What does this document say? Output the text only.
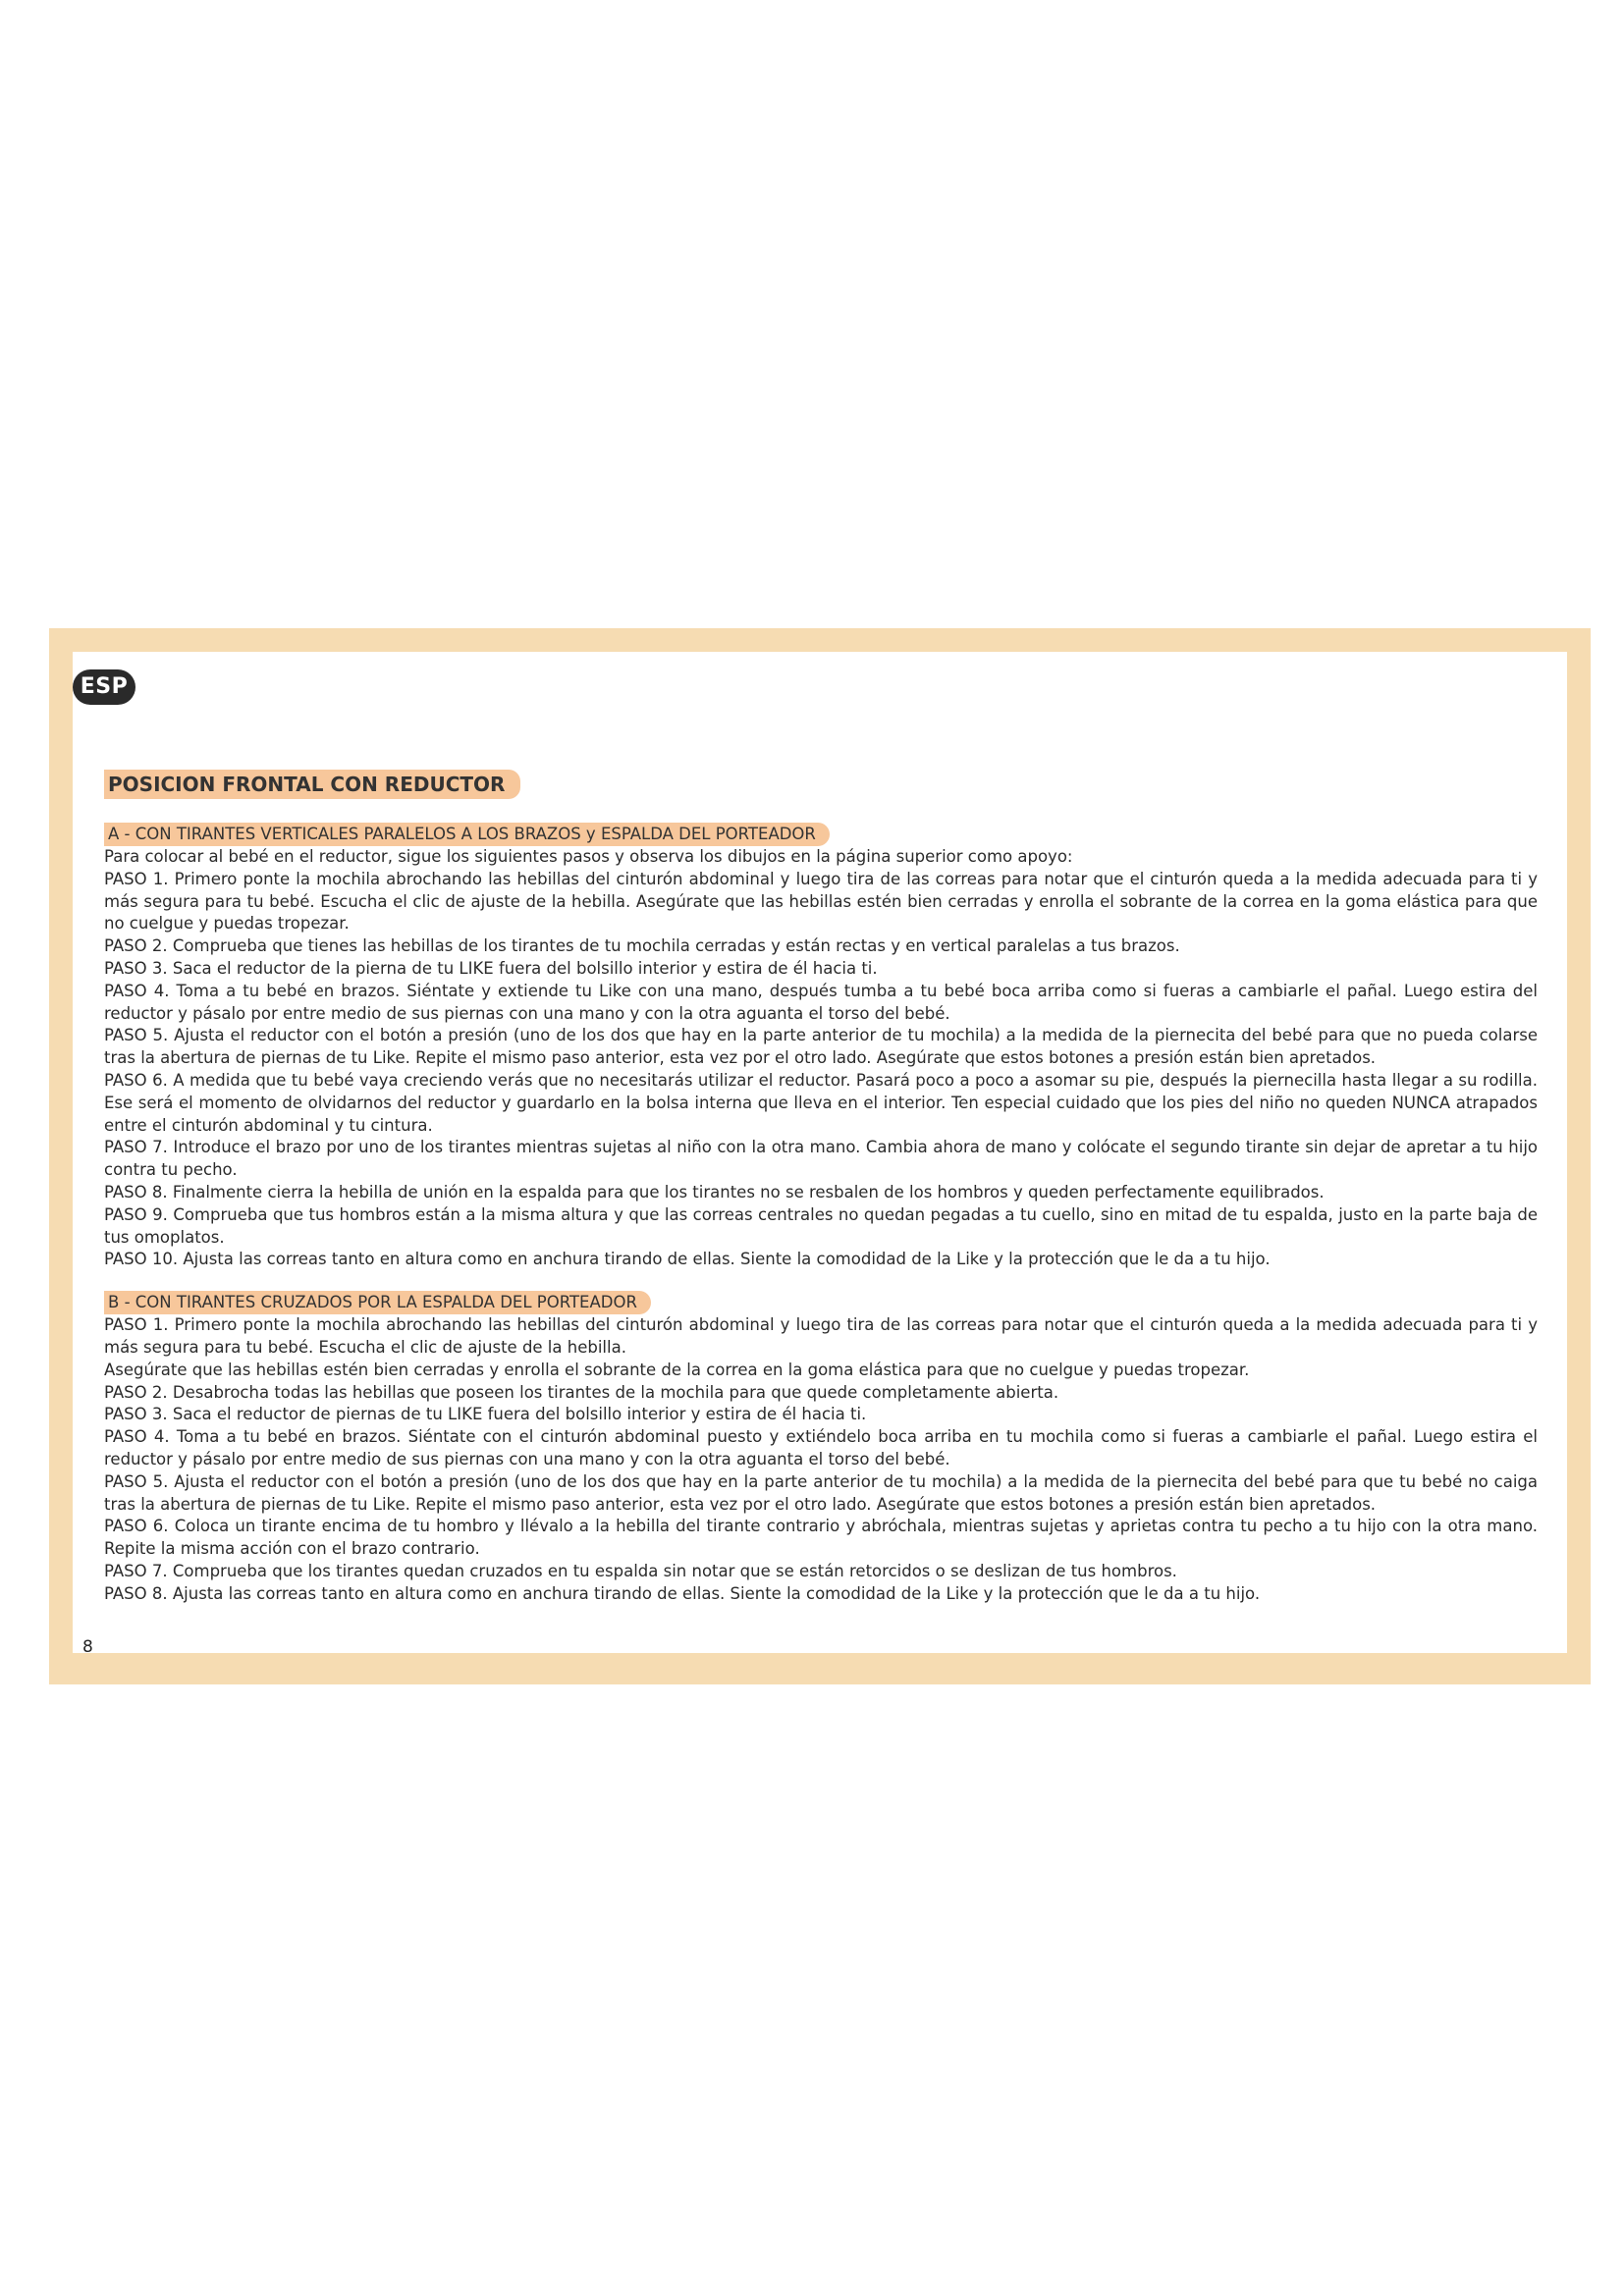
ESP
POSICION FRONTAL CON REDUCTOR
A - CON TIRANTES VERTICALES PARALELOS A LOS BRAZOS y ESPALDA DEL PORTEADOR

Para colocar al bebé en el reductor, sigue los siguientes pasos y observa los dibujos en la página superior como apoyo:

PASO 1. Primero ponte la mochila abrochando las hebillas del cinturón abdominal y luego tira de las correas para notar que el cinturón queda a la medida adecuada para ti y más segura para tu bebé. Escucha el clic de ajuste de la hebilla. Asegúrate que las hebillas estén bien cerradas y enrolla el sobrante de la correa en la goma elástica para que no cuelgue y puedas tropezar.

PASO 2. Comprueba que tienes las hebillas de los tirantes de tu mochila cerradas y están rectas y en vertical paralelas a tus brazos.

PASO 3. Saca el reductor de la pierna de tu LIKE fuera del bolsillo interior y estira de él hacia ti.

PASO 4. Toma a tu bebé en brazos. Siéntate y extiende tu Like con una mano, después tumba a tu bebé boca arriba como si fueras a cambiarle el pañal. Luego estira del reductor y pásalo por entre medio de sus piernas con una mano y con la otra aguanta el torso del bebé.

PASO 5. Ajusta el reductor con el botón a presión (uno de los dos que hay en la parte anterior de tu mochila) a la medida de la piernecita del bebé para que no pueda colarse tras la abertura de piernas de tu Like. Repite el mismo paso anterior, esta vez por el otro lado. Asegúrate que estos botones a presión están bien apretados.

PASO 6. A medida que tu bebé vaya creciendo verás que no necesitarás utilizar el reductor. Pasará poco a poco a asomar su pie, después la piernecilla hasta llegar a su rodilla. Ese será el momento de olvidarnos del reductor y guardarlo en la bolsa interna que lleva en el interior. Ten especial cuidado que los pies del niño no queden NUNCA atrapados entre el cinturón abdominal y tu cintura.

PASO 7. Introduce el brazo por uno de los tirantes mientras sujetas al niño con la otra mano. Cambia ahora de mano y colócate el segundo tirante sin dejar de apretar a tu hijo contra tu pecho.

PASO 8. Finalmente cierra la hebilla de unión en la espalda para que los tirantes no se resbalen de los hombros y queden perfectamente equilibrados.

PASO 9. Comprueba que tus hombros están a la misma altura y que las correas centrales no quedan pegadas a tu cuello, sino en mitad de tu espalda, justo en la parte baja de tus omoplatos.

PASO 10. Ajusta las correas tanto en altura como en anchura tirando de ellas. Siente la comodidad de la Like y la protección que le da a tu hijo.

B - CON TIRANTES CRUZADOS POR LA ESPALDA DEL PORTEADOR

PASO 1. Primero ponte la mochila abrochando las hebillas del cinturón abdominal y luego tira de las correas para notar que el cinturón queda a la medida adecuada para ti y más segura para tu bebé. Escucha el clic de ajuste de la hebilla.

Asegúrate que las hebillas estén bien cerradas y enrolla el sobrante de la correa en la goma elástica para que no cuelgue y puedas tropezar.

PASO 2. Desabrocha todas las hebillas que poseen los tirantes de la mochila para que quede completamente abierta.

PASO 3. Saca el reductor de piernas de tu LIKE fuera del bolsillo interior y estira de él hacia ti.

PASO 4. Toma a tu bebé en brazos. Siéntate con el cinturón abdominal puesto y extiéndelo boca arriba en tu mochila como si fueras a cambiarle el pañal. Luego estira el reductor y pásalo por entre medio de sus piernas con una mano y con la otra aguanta el torso del bebé.

PASO 5. Ajusta el reductor con el botón a presión (uno de los dos que hay en la parte anterior de tu mochila) a la medida de la piernecita del bebé para que tu bebé no caiga tras la abertura de piernas de tu Like. Repite el mismo paso anterior, esta vez por el otro lado. Asegúrate que estos botones a presión están bien apretados.

PASO 6. Coloca un tirante encima de tu hombro y llévalo a la hebilla del tirante contrario y abróchala, mientras sujetas y aprietas contra tu pecho a tu hijo con la otra mano. Repite la misma acción con el brazo contrario.

PASO 7. Comprueba que los tirantes quedan cruzados en tu espalda sin notar que se están retorcidos o se deslizan de tus hombros.

PASO 8. Ajusta las correas tanto en altura como en anchura tirando de ellas. Siente la comodidad de la Like y la protección que le da a tu hijo.

8
